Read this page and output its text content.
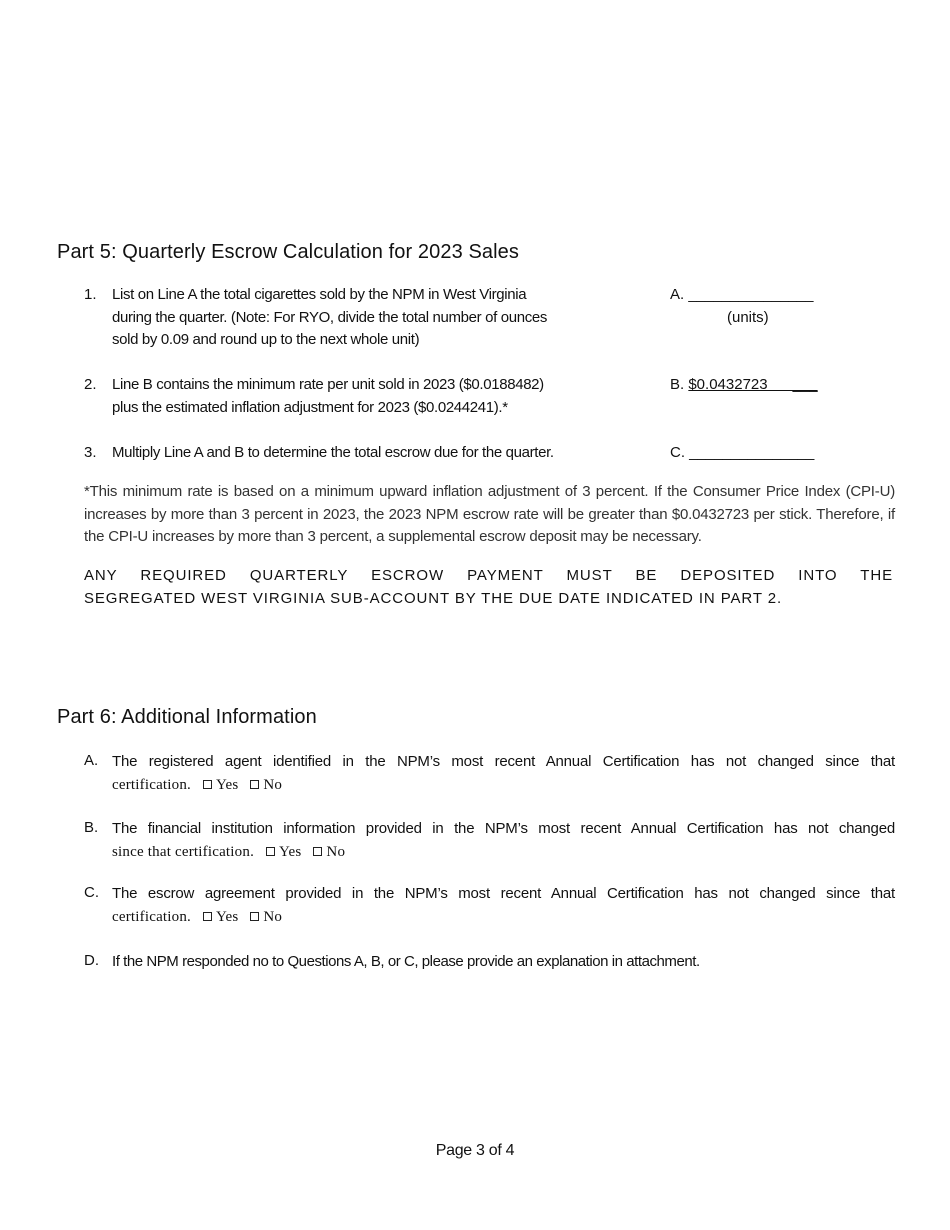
Part 5: Quarterly Escrow Calculation for 2023 Sales
1. List on Line A the total cigarettes sold by the NPM in West Virginia
during the quarter. (Note: For RYO, divide the total number of ounces
sold by 0.09 and round up to the next whole unit)
A. _______________
(units)
2. Line B contains the minimum rate per unit sold in 2023 ($0.0188482)
plus the estimated inflation adjustment for 2023 ($0.0244241).*
B. $0.0432723      ___
3. Multiply Line A and B to determine the total escrow due for the quarter.	C. _______________
*This minimum rate is based on a minimum upward inflation adjustment of 3 percent. If the Consumer Price Index (CPI-U) increases by more than 3 percent in 2023, the 2023 NPM escrow rate will be greater than $0.0432723 per stick. Therefore, if the CPI-U increases by more than 3 percent, a supplemental escrow deposit may be necessary.
ANY REQUIRED QUARTERLY ESCROW PAYMENT MUST BE DEPOSITED INTO THE
SEGREGATED WEST VIRGINIA SUB-ACCOUNT BY THE DUE DATE INDICATED IN PART 2.
Part 6: Additional Information
A. The registered agent identified in the NPM’s most recent Annual Certification has not changed since that
certification. Yes No
B. The financial institution information provided in the NPM’s most recent Annual Certification has not changed
since that certification. Yes No
C. The escrow agreement provided in the NPM’s most recent Annual Certification has not changed since that
certification. Yes No
D. If the NPM responded no to Questions A, B, or C, please provide an explanation in attachment.
Page 3 of 4
